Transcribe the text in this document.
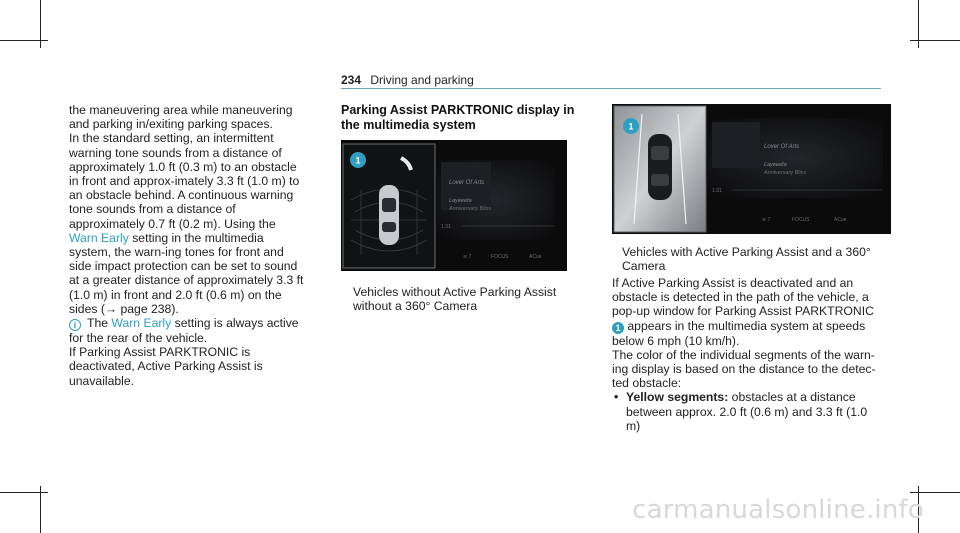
234 Driving and parking

the maneuvering area while maneuvering and parking in/exiting parking spaces.

In the standard setting, an intermittent warning tone sounds from a distance of approximately 1.0 ft (0.3 m) to an obstacle in front and approx-imately 3.3 ft (1.0 m) to an obstacle behind. A continuous warning tone sounds from a distance of approximately 0.7 ft (0.2 m). Using the Warn Early setting in the multimedia system, the warn-ing tones for front and side impact protection can be set to sound at a greater distance of approximately 3.3 ft (1.0 m) in front and 2.0 ft (0.6 m) on the sides (→ page 238).

i The Warn Early setting is always active for the rear of the vehicle.

If Parking Assist PARKTRONIC is deactivated, Active Parking Assist is unavailable.

Parking Assist PARKTRONIC display in the multimedia system
Lover Of Arts
Layeeefa
Anniversary Bliss
1:31
≋ 7	FOCUS	ACue
1
Vehicles without Active Parking Assist without a 360° Camera
Lover Of Arts
Layeeefa
Anniversary Bliss
1:31
≋ 7	FOCUS	ACue
1
Vehicles with Active Parking Assist and a 360° Camera

If Active Parking Assist is deactivated and an obstacle is detected in the path of the vehicle, a pop-up window for Parking Assist PARKTRONIC
1 appears in the multimedia system at speeds below 6 mph (10 km/h).

The color of the individual segments of the warn-ing display is based on the distance to the detec-ted obstacle:

• Yellow segments: obstacles at a distance between approx. 2.0 ft (0.6 m) and 3.3 ft (1.0 m)

carmanualsonline.info
